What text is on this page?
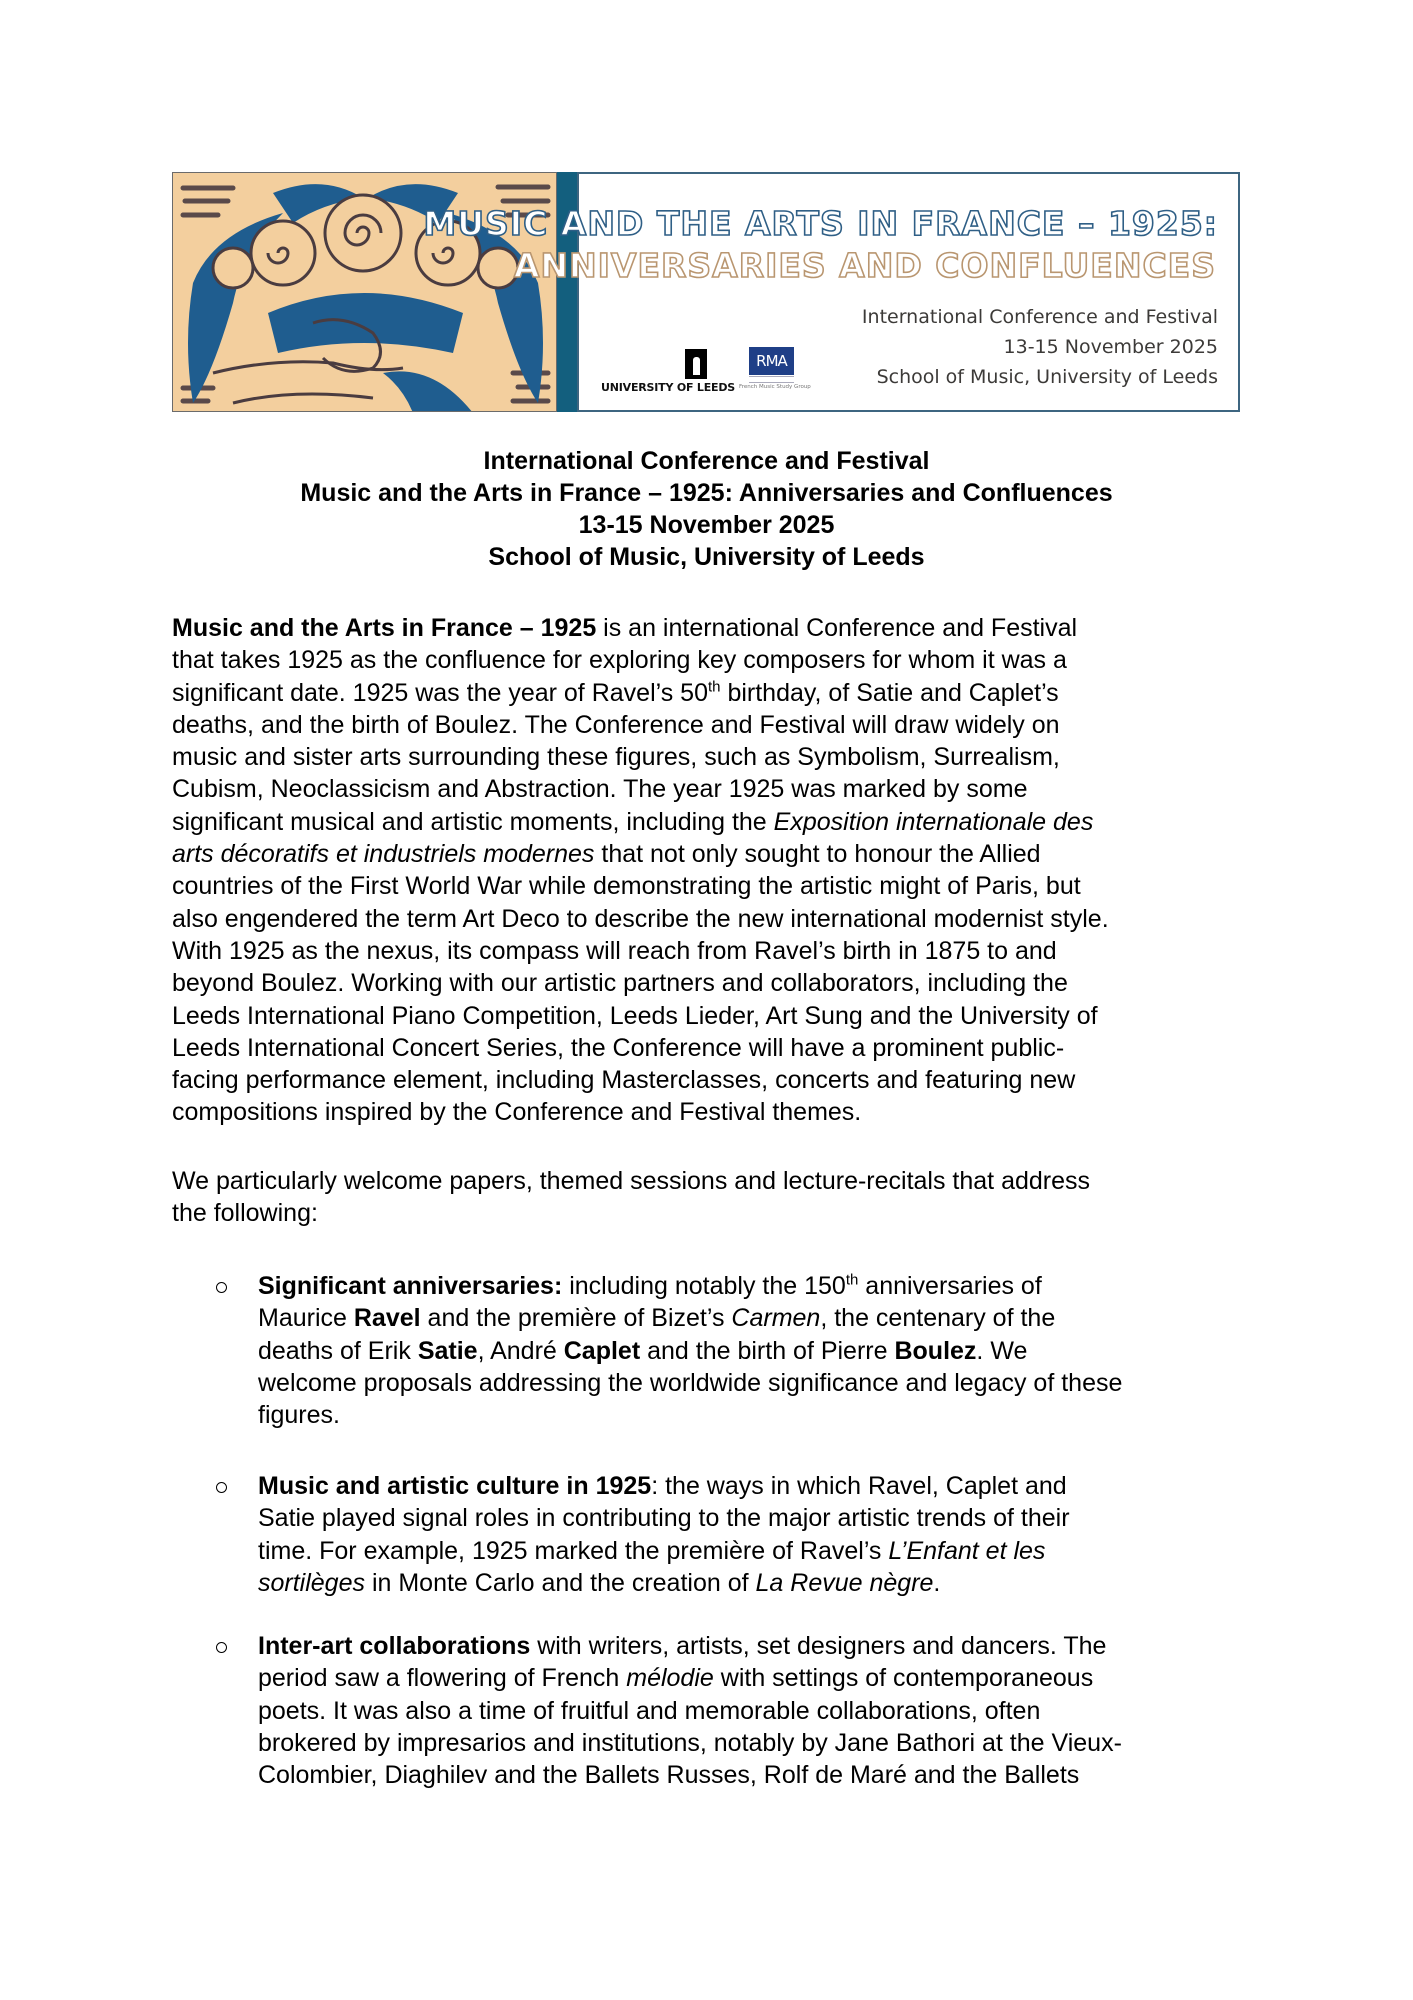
MUSIC AND THE ARTS IN FRANCE – 1925:
ANNIVERSARIES AND CONFLUENCES
International Conference and Festival
13-15 November 2025
School of Music, University of Leeds
UNIVERSITY OF LEEDS
RMA
French Music Study Group
International Conference and Festival
Music and the Arts in France – 1925: Anniversaries and Confluences
13-15 November 2025
School of Music, University of Leeds
Music and the Arts in France – 1925 is an international Conference and Festival
that takes 1925 as the confluence for exploring key composers for whom it was a
significant date. 1925 was the year of Ravel’s 50th birthday, of Satie and Caplet’s
deaths, and the birth of Boulez. The Conference and Festival will draw widely on
music and sister arts surrounding these figures, such as Symbolism, Surrealism,
Cubism, Neoclassicism and Abstraction. The year 1925 was marked by some
significant musical and artistic moments, including the Exposition internationale des
arts décoratifs et industriels modernes that not only sought to honour the Allied
countries of the First World War while demonstrating the artistic might of Paris, but
also engendered the term Art Deco to describe the new international modernist style.
With 1925 as the nexus, its compass will reach from Ravel’s birth in 1875 to and
beyond Boulez. Working with our artistic partners and collaborators, including the
Leeds International Piano Competition, Leeds Lieder, Art Sung and the University of
Leeds International Concert Series, the Conference will have a prominent public-
facing performance element, including Masterclasses, concerts and featuring new
compositions inspired by the Conference and Festival themes.
We particularly welcome papers, themed sessions and lecture-recitals that address
the following:
Significant anniversaries: including notably the 150th anniversaries of
Maurice Ravel and the première of Bizet’s Carmen, the centenary of the
deaths of Erik Satie, André Caplet and the birth of Pierre Boulez. We
welcome proposals addressing the worldwide significance and legacy of these
figures.
Music and artistic culture in 1925: the ways in which Ravel, Caplet and
Satie played signal roles in contributing to the major artistic trends of their
time. For example, 1925 marked the première of Ravel’s L’Enfant et les
sortilèges in Monte Carlo and the creation of La Revue nègre.
Inter-art collaborations with writers, artists, set designers and dancers. The
period saw a flowering of French mélodie with settings of contemporaneous
poets. It was also a time of fruitful and memorable collaborations, often
brokered by impresarios and institutions, notably by Jane Bathori at the Vieux-
Colombier, Diaghilev and the Ballets Russes, Rolf de Maré and the Ballets
